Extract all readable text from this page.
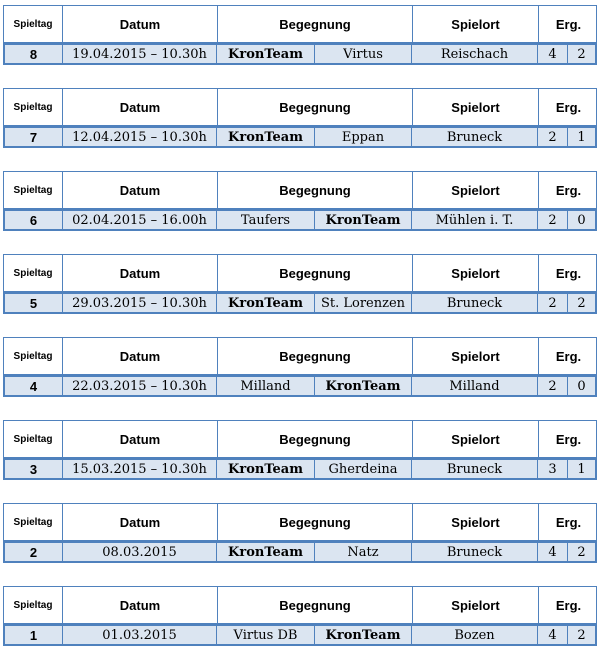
Spieltag	Datum	Begegnung	Spielort	Erg.
8	19.04.2015 – 10.30h	KronTeam	Virtus	Reischach	4	2
Spieltag	Datum	Begegnung	Spielort	Erg.
7	12.04.2015 – 10.30h	KronTeam	Eppan	Bruneck	2	1
Spieltag	Datum	Begegnung	Spielort	Erg.
6	02.04.2015 – 16.00h	Taufers	KronTeam	Mühlen i. T.	2	0
Spieltag	Datum	Begegnung	Spielort	Erg.
5	29.03.2015 – 10.30h	KronTeam	St. Lorenzen	Bruneck	2	2
Spieltag	Datum	Begegnung	Spielort	Erg.
4	22.03.2015 – 10.30h	Milland	KronTeam	Milland	2	0
Spieltag	Datum	Begegnung	Spielort	Erg.
3	15.03.2015 – 10.30h	KronTeam	Gherdeina	Bruneck	3	1
Spieltag	Datum	Begegnung	Spielort	Erg.
2	08.03.2015	KronTeam	Natz	Bruneck	4	2
Spieltag	Datum	Begegnung	Spielort	Erg.
1	01.03.2015	Virtus DB	KronTeam	Bozen	4	2
